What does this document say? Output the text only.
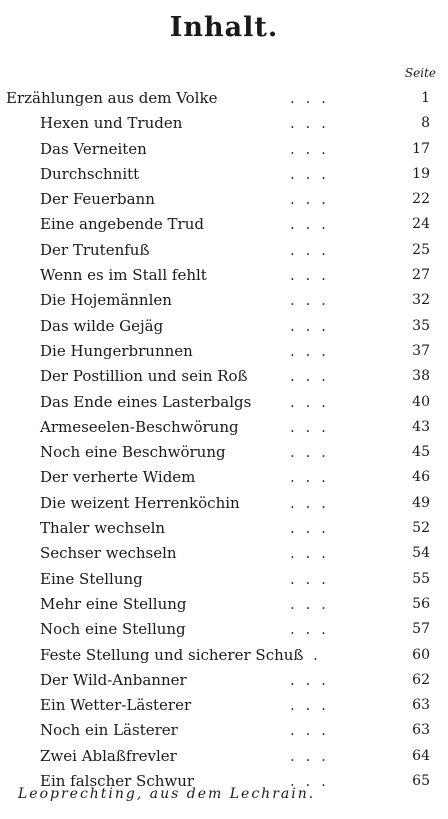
Inhalt.
Seite
Erzählungen aus dem Volke	. . .	1
Hexen und Truden	. . .	8
Das Verneiten	. . .	17
Durchschnitt	. . .	19
Der Feuerbann	. . .	22
Eine angebende Trud	. . .	24
Der Trutenfuß	. . .	25
Wenn es im Stall fehlt	. . .	27
Die Hojemännlen	. . .	32
Das wilde Gejäg	. . .	35
Die Hungerbrunnen	. . .	37
Der Postillion und sein Roß	. . .	38
Das Ende eines Lasterbalgs	. . .	40
Armeseelen-Beschwörung	. . .	43
Noch eine Beschwörung	. . .	45
Der verherte Widem	. . .	46
Die weizent Herrenköchin	. . .	49
Thaler wechseln	. . .	52
Sechser wechseln	. . .	54
Eine Stellung	. . .	55
Mehr eine Stellung	. . .	56
Noch eine Stellung	. . .	57
Feste Stellung und sicherer Schuß .	60
Der Wild-Anbanner	. . .	62
Ein Wetter-Lästerer	. . .	63
Noch ein Lästerer	. . .	63
Zwei Ablaßfrevler	. . .	64
Ein falscher Schwur	. . .	65
Leoprechting, aus dem Lechrain.
